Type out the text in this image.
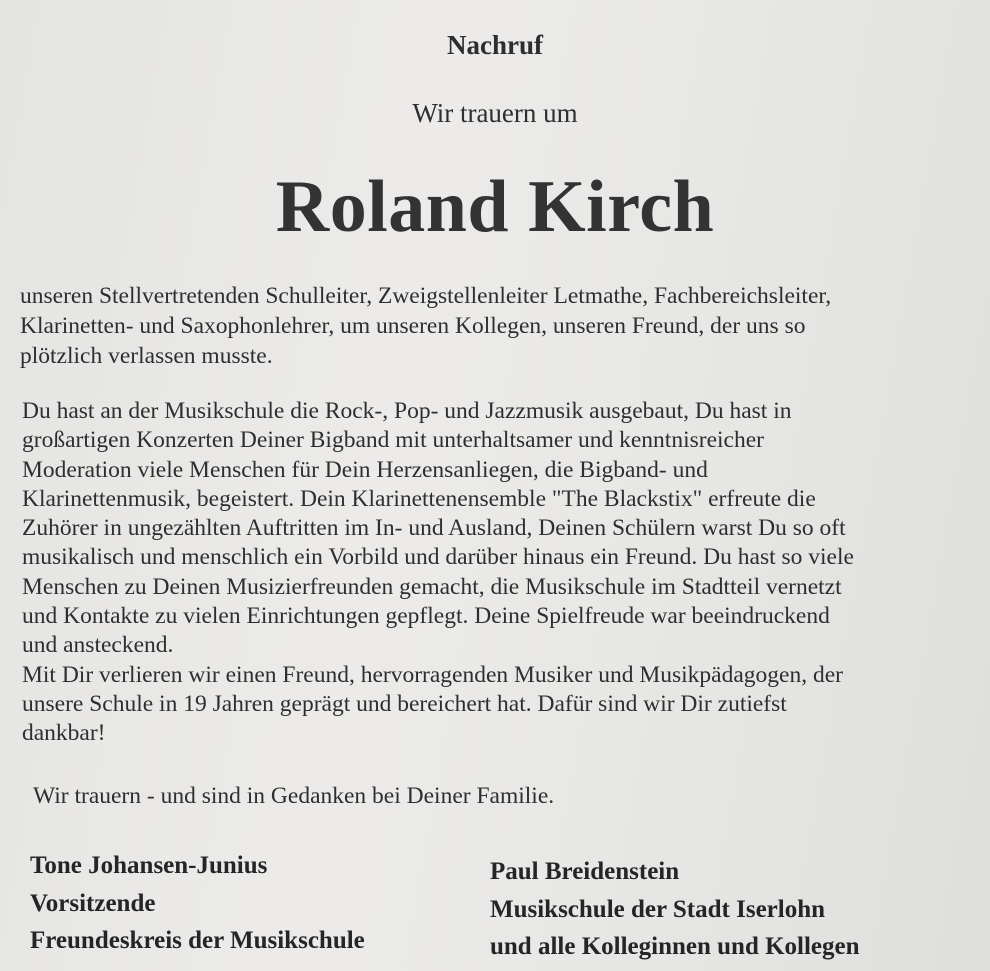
Nachruf
Wir trauern um
Roland Kirch
unseren Stellvertretenden Schulleiter, Zweigstellenleiter Letmathe, Fachbereichsleiter,
Klarinetten- und Saxophonlehrer, um unseren Kollegen, unseren Freund, der uns so
plötzlich verlassen musste.
Du hast an der Musikschule die Rock-, Pop- und Jazzmusik ausgebaut, Du hast in
großartigen Konzerten Deiner Bigband mit unterhaltsamer und kenntnisreicher
Moderation viele Menschen für Dein Herzensanliegen, die Bigband- und
Klarinettenmusik, begeistert. Dein Klarinettenensemble "The Blackstix" erfreute die
Zuhörer in ungezählten Auftritten im In- und Ausland, Deinen Schülern warst Du so oft
musikalisch und menschlich ein Vorbild und darüber hinaus ein Freund. Du hast so viele
Menschen zu Deinen Musizierfreunden gemacht, die Musikschule im Stadtteil vernetzt
und Kontakte zu vielen Einrichtungen gepflegt. Deine Spielfreude war beeindruckend
und ansteckend.
Mit Dir verlieren wir einen Freund, hervorragenden Musiker und Musikpädagogen, der
unsere Schule in 19 Jahren geprägt und bereichert hat. Dafür sind wir Dir zutiefst
dankbar!
Wir trauern - und sind in Gedanken bei Deiner Familie.
Tone Johansen-Junius
Vorsitzende
Freundeskreis der Musikschule
Paul Breidenstein
Musikschule der Stadt Iserlohn
und alle Kolleginnen und Kollegen
